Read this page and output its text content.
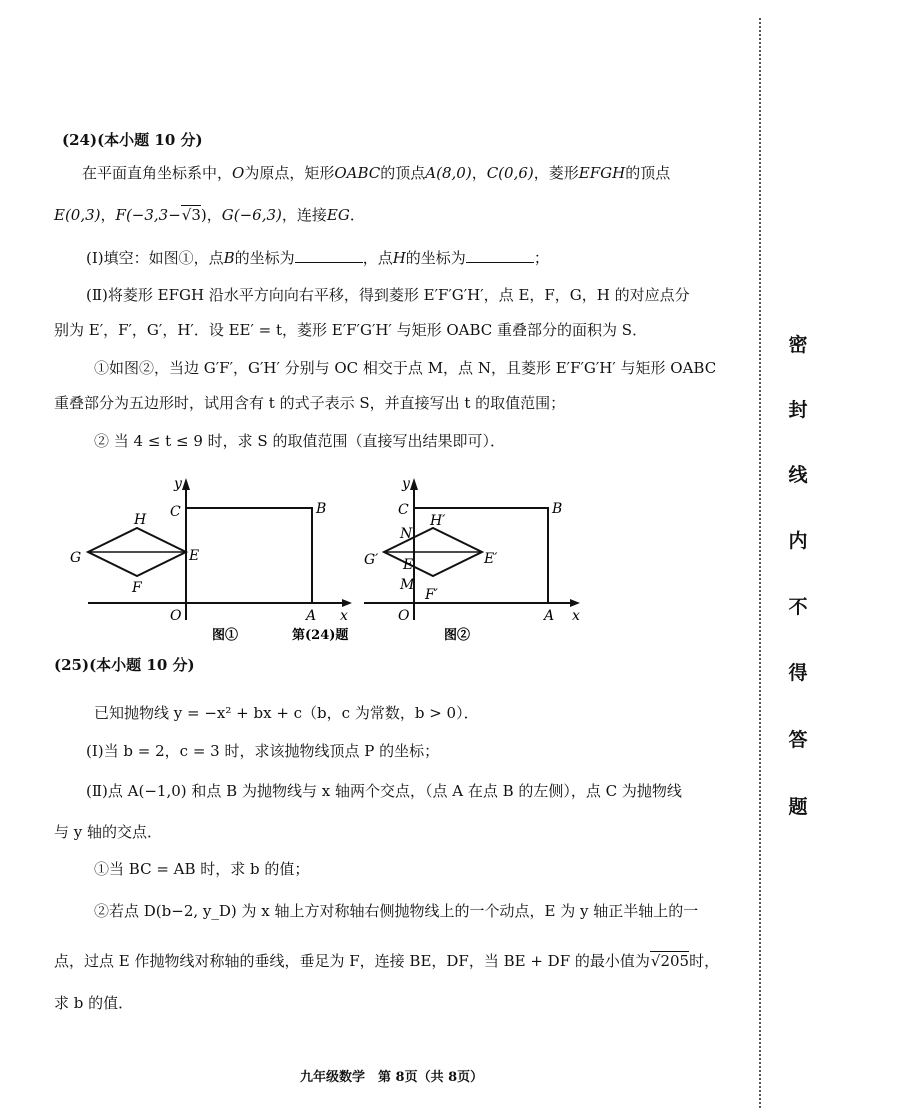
(24)(本小题 10 分)
在平面直角坐标系中，O为原点，矩形OABC的顶点A(8,0)，C(0,6)，菱形EFGH的顶点
E(0,3)，F(−3,3−√3)，G(−6,3)，连接EG．
(Ⅰ)填空：如图①，点B的坐标为	，点H的坐标为	；
(Ⅱ)将菱形 EFGH 沿水平方向向右平移，得到菱形 E′F′G′H′，点 E，F，G，H 的对应点分
别为 E′，F′，G′，H′．设 EE′ = t，菱形 E′F′G′H′ 与矩形 OABC 重叠部分的面积为 S．
①如图②，当边 G′F′，G′H′ 分别与 OC 相交于点 M，点 N，且菱形 E′F′G′H′ 与矩形 OABC
重叠部分为五边形时，试用含有 t 的式子表示 S，并直接写出 t 的取值范围；
② 当 4 ≤ t ≤ 9 时，求 S 的取值范围（直接写出结果即可）．
y
x
C	B
H
G	E
F
O	A
图①	第(24)题
y
x
C	B
N
H′
G′ E	E′
M
F′
O	A
图②
(25)(本小题 10 分)
已知抛物线 y = −x² + bx + c（b，c 为常数，b > 0）．
(Ⅰ)当 b = 2，c = 3 时，求该抛物线顶点 P 的坐标；
(Ⅱ)点 A(−1,0) 和点 B 为抛物线与 x 轴两个交点，（点 A 在点 B 的左侧），点 C 为抛物线
与 y 轴的交点．
①当 BC = AB 时，求 b 的值；
②若点 D(b−2, y_D) 为 x 轴上方对称轴右侧抛物线上的一个动点，E 为 y 轴正半轴上的一
点，过点 E 作抛物线对称轴的垂线，垂足为 F，连接 BE，DF，当 BE + DF 的最小值为√205时，
求 b 的值．
九年级数学　第 8页（共 8页）
密
封
线
内
不
得
答
题
